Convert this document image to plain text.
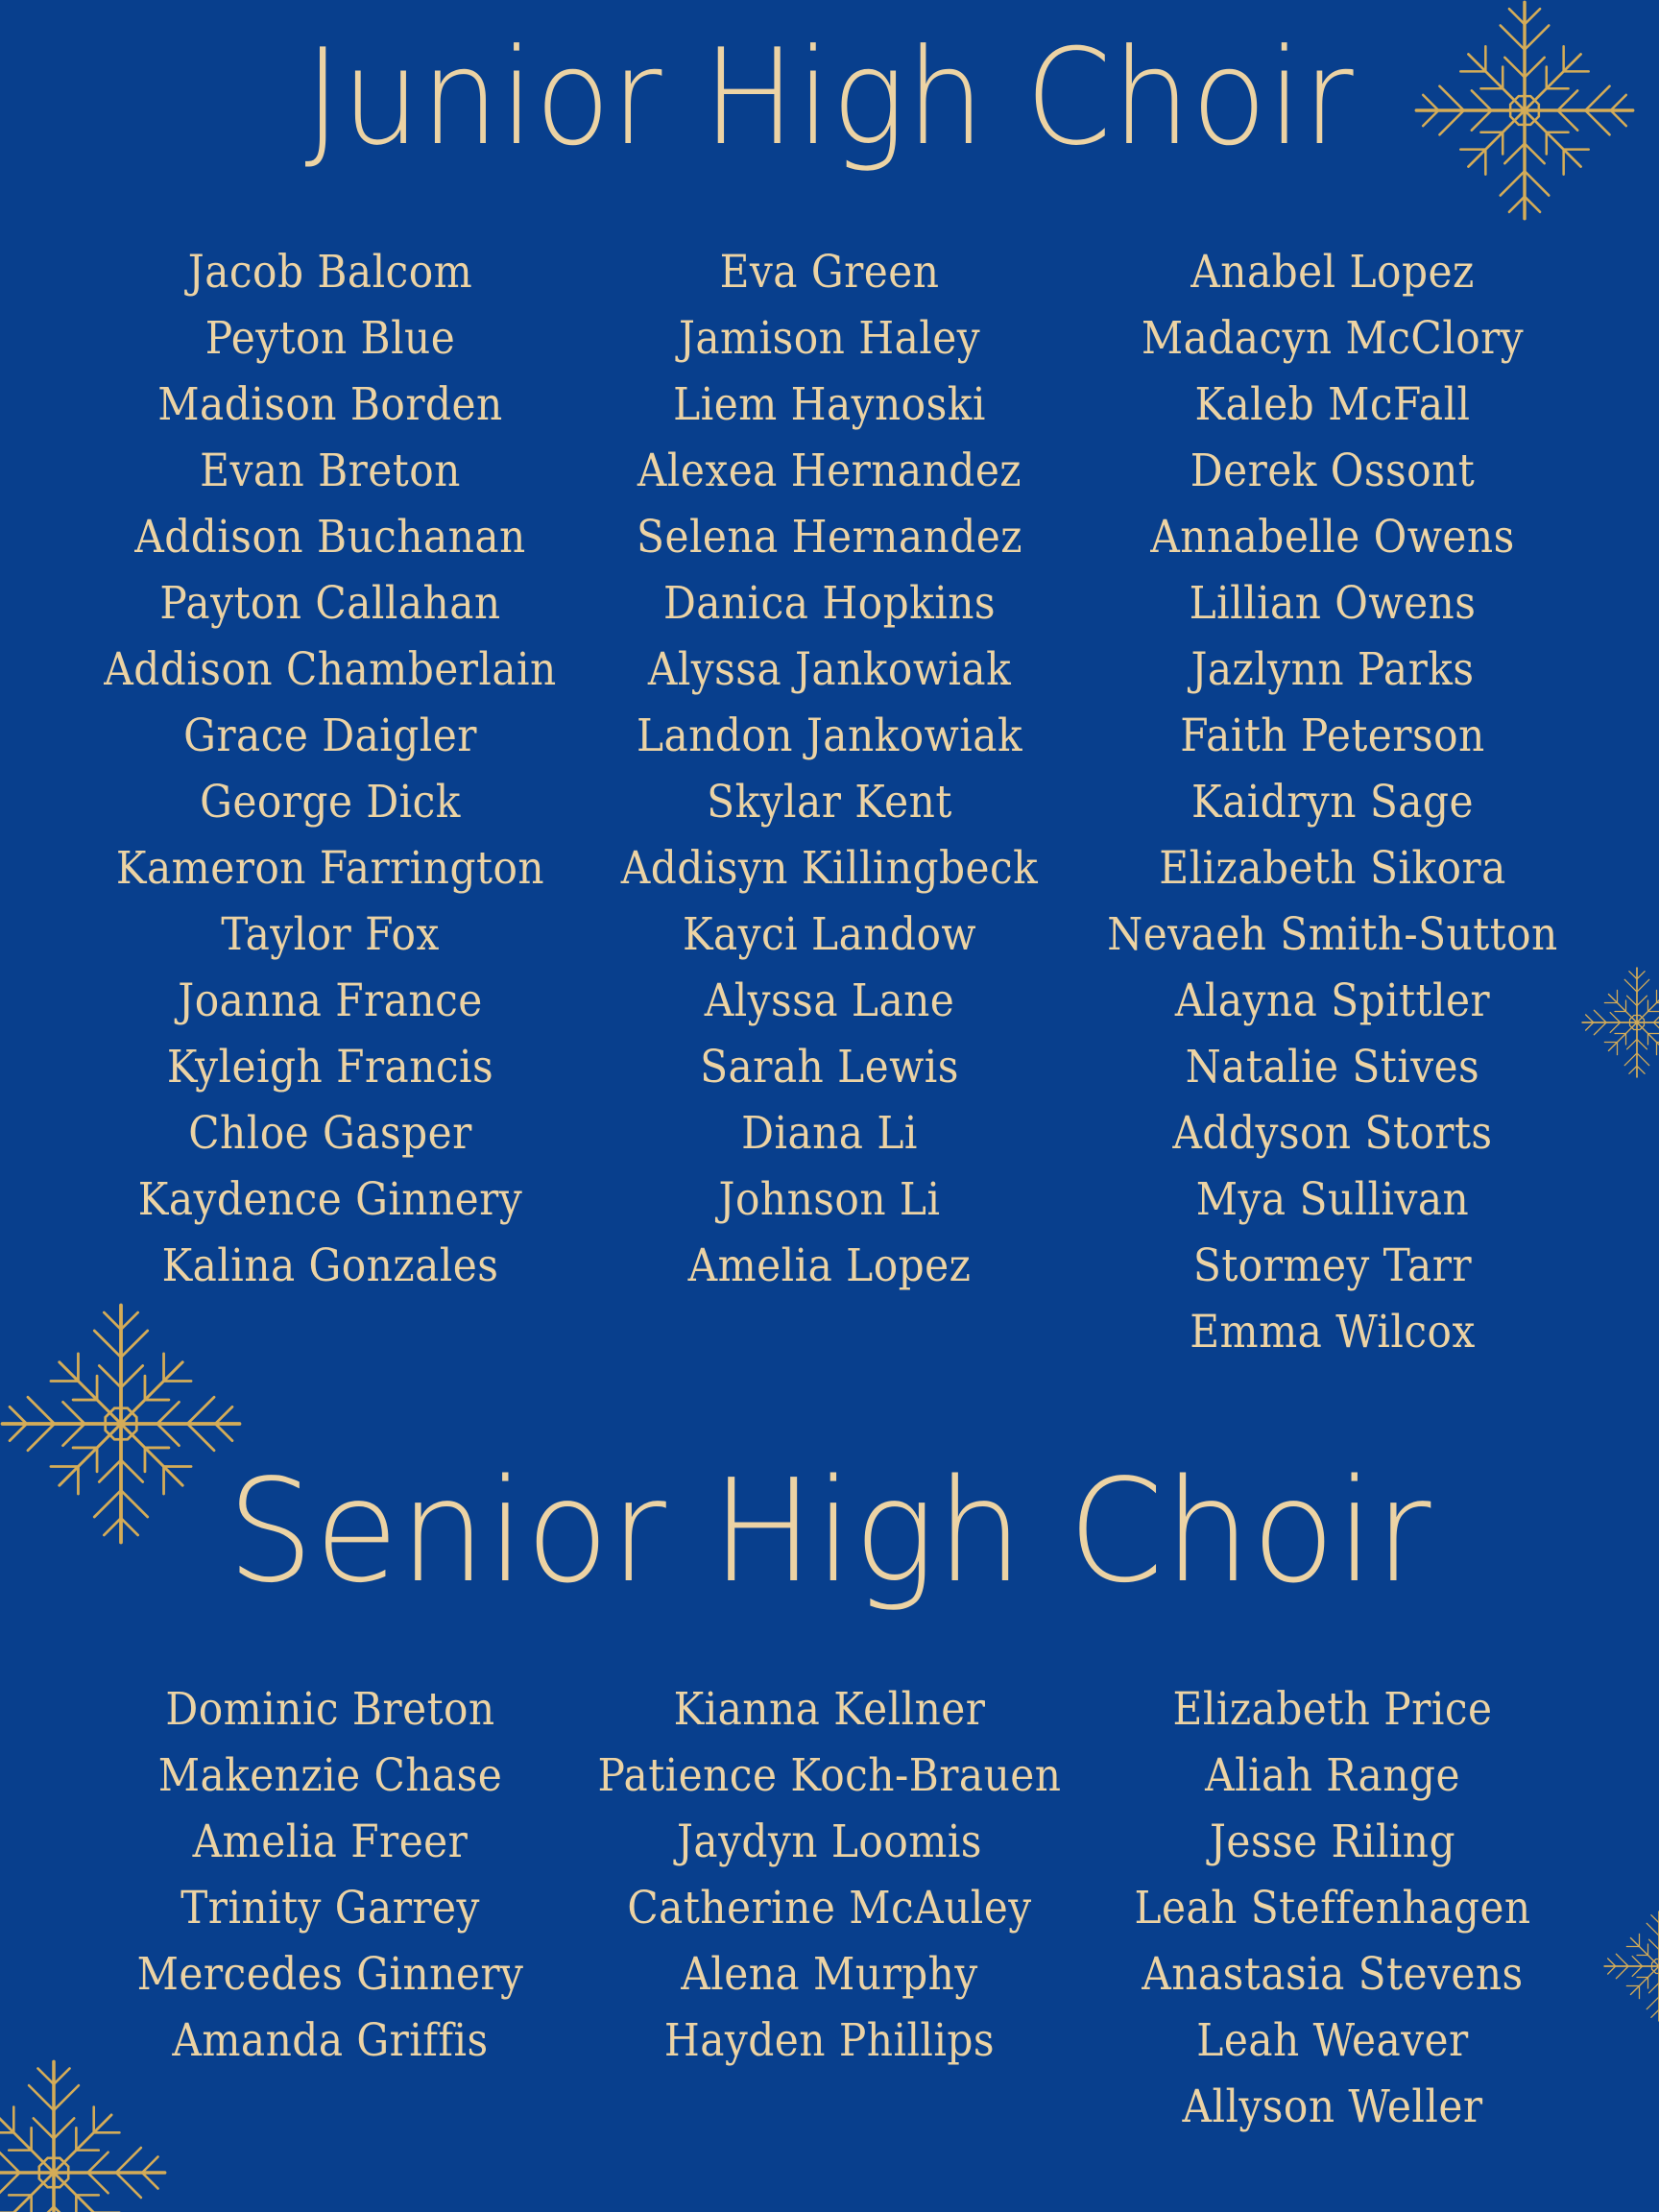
Junior High Choir
Jacob Balcom
Peyton Blue
Madison Borden
Evan Breton
Addison Buchanan
Payton Callahan
Addison Chamberlain
Grace Daigler
George Dick
Kameron Farrington
Taylor Fox
Joanna France
Kyleigh Francis
Chloe Gasper
Kaydence Ginnery
Kalina Gonzales
Eva Green
Jamison Haley
Liem Haynoski
Alexea Hernandez
Selena Hernandez
Danica Hopkins
Alyssa Jankowiak
Landon Jankowiak
Skylar Kent
Addisyn Killingbeck
Kayci Landow
Alyssa Lane
Sarah Lewis
Diana Li
Johnson Li
Amelia Lopez
Anabel Lopez
Madacyn McClory
Kaleb McFall
Derek Ossont
Annabelle Owens
Lillian Owens
Jazlynn Parks
Faith Peterson
Kaidryn Sage
Elizabeth Sikora
Nevaeh Smith-Sutton
Alayna Spittler
Natalie Stives
Addyson Storts
Mya Sullivan
Stormey Tarr
Emma Wilcox
Senior High Choir
Dominic Breton
Makenzie Chase
Amelia Freer
Trinity Garrey
Mercedes Ginnery
Amanda Griffis
Kianna Kellner
Patience Koch-Brauen
Jaydyn Loomis
Catherine McAuley
Alena Murphy
Hayden Phillips
Elizabeth Price
Aliah Range
Jesse Riling
Leah Steffenhagen
Anastasia Stevens
Leah Weaver
Allyson Weller
